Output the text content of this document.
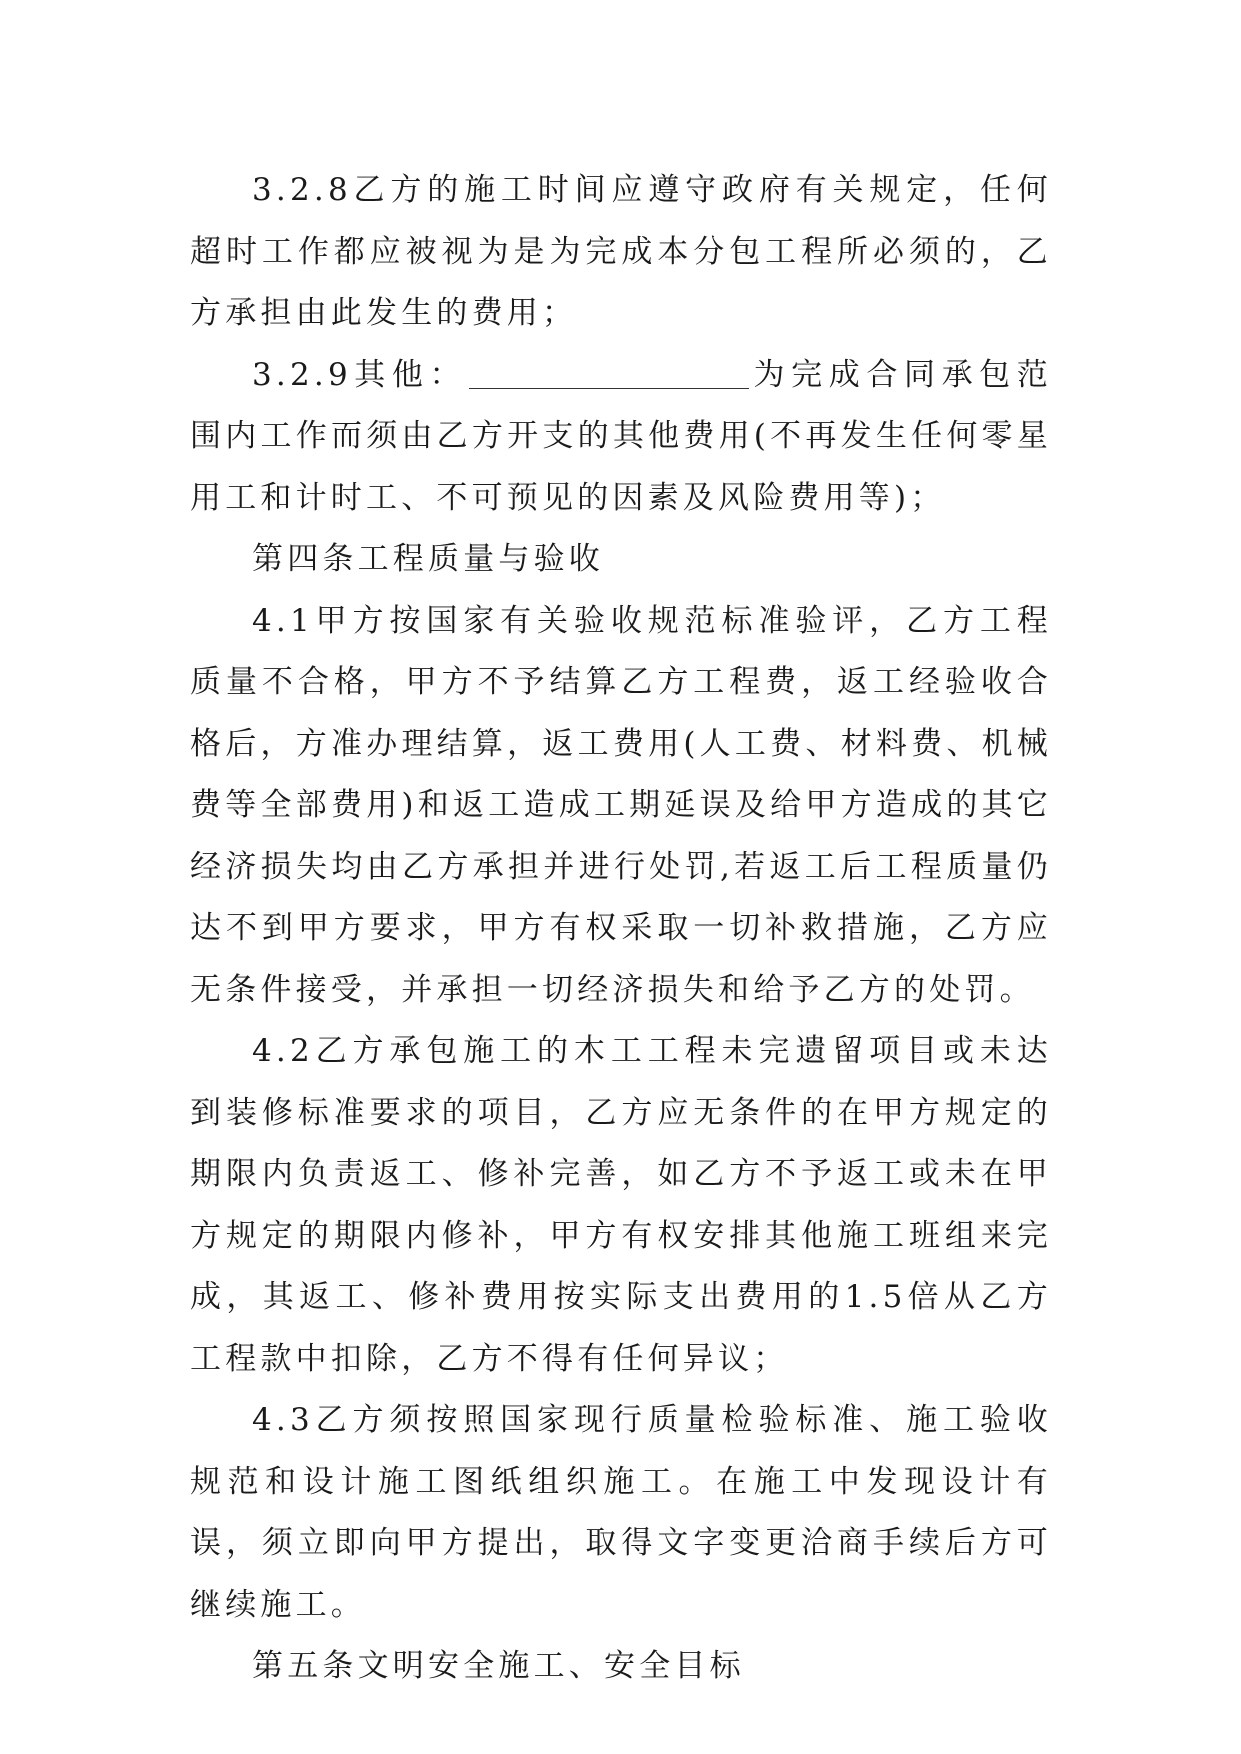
3.2.8乙方的施工时间应遵守政府有关规定，任何超时工作都应被视为是为完成本分包工程所必须的，乙方承担由此发生的费用；

3.2.9其他：	为完成合同承包范围内工作而须由乙方开支的其他费用(不再发生任何零星用工和计时工、不可预见的因素及风险费用等)；

第四条工程质量与验收

4.1甲方按国家有关验收规范标准验评，乙方工程质量不合格，甲方不予结算乙方工程费，返工经验收合格后，方准办理结算，返工费用(人工费、材料费、机械费等全部费用)和返工造成工期延误及给甲方造成的其它经济损失均由乙方承担并进行处罚,若返工后工程质量仍达不到甲方要求，甲方有权采取一切补救措施，乙方应无条件接受，并承担一切经济损失和给予乙方的处罚。

4.2乙方承包施工的木工工程未完遗留项目或未达到装修标准要求的项目，乙方应无条件的在甲方规定的期限内负责返工、修补完善，如乙方不予返工或未在甲方规定的期限内修补，甲方有权安排其他施工班组来完成，其返工、修补费用按实际支出费用的1.5倍从乙方工程款中扣除，乙方不得有任何异议；

4.3乙方须按照国家现行质量检验标准、施工验收规范和设计施工图纸组织施工。在施工中发现设计有误，须立即向甲方提出，取得文字变更洽商手续后方可继续施工。

第五条文明安全施工、安全目标
